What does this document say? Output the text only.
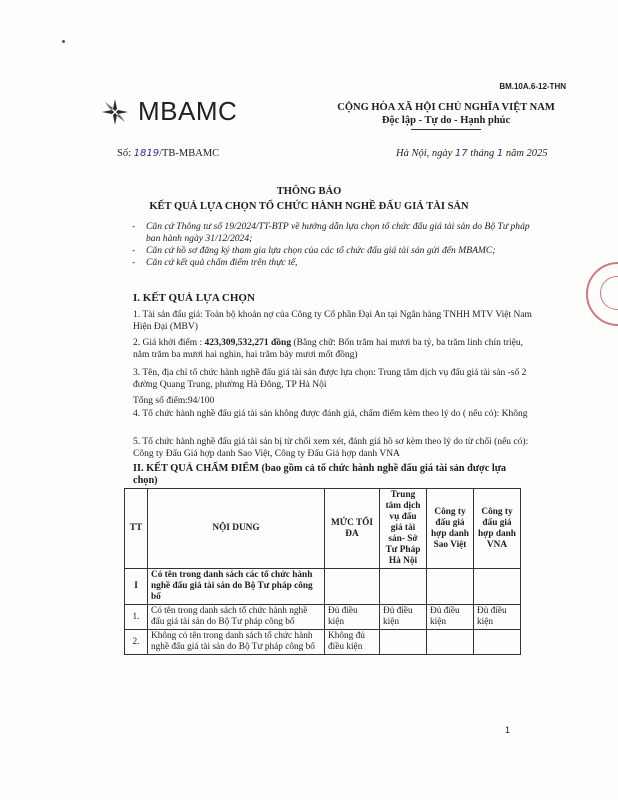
BM.10A.6-12-THN
MBAMC	CỘNG HÒA XÃ HỘI CHỦ NGHĨA VIỆT NAM
Độc lập - Tự do - Hạnh phúc
Số: 1819/TB-MBAMC	Hà Nội, ngày 17 tháng 1 năm 2025
THÔNG BÁO
KẾT QUẢ LỰA CHỌN TỔ CHỨC HÀNH NGHỀ ĐẤU GIÁ TÀI SẢN
- Căn cứ Thông tư số 19/2024/TT-BTP về hướng dẫn lựa chọn tổ chức đấu giá tài sản do Bộ Tư pháp ban hành ngày 31/12/2024;
- Căn cứ hồ sơ đăng ký tham gia lựa chọn của các tổ chức đấu giá tài sản gửi đến MBAMC;
- Căn cứ kết quả chấm điểm trên thực tế,
I. KẾT QUẢ LỰA CHỌN
1. Tài sản đấu giá: Toàn bộ khoản nợ của Công ty Cổ phần Đại An tại Ngân hàng TNHH MTV Việt Nam Hiện Đại (MBV)
2. Giá khởi điểm : 423,309,532,271 đồng (Bằng chữ: Bốn trăm hai mươi ba tỷ, ba trăm linh chín triệu, năm trăm ba mươi hai nghìn, hai trăm bảy mươi mốt đồng)
3. Tên, địa chỉ tổ chức hành nghề đấu giá tài sản được lựa chọn: Trung tâm dịch vụ đấu giá tài sản -số 2 đường Quang Trung, phường Hà Đông, TP Hà Nội
Tổng số điểm:94/100
4. Tổ chức hành nghề đấu giá tài sản không được đánh giá, chấm điểm kèm theo lý do ( nếu có): Không
5. Tổ chức hành nghề đấu giá tài sản bị từ chối xem xét, đánh giá hồ sơ kèm theo lý do từ chối (nếu có): Công ty Đấu Giá hợp danh Sao Việt, Công ty Đấu Giá hợp danh VNA
II. KẾT QUẢ CHẤM ĐIỂM (bao gồm cả tổ chức hành nghề đấu giá tài sản được lựa chọn)
TT	NỘI DUNG	MỨC TỐI ĐA	Trung tâm dịch vụ đấu giá tài sản- Sở Tư Pháp Hà Nội	Công ty đấu giá hợp danh Sao Việt	Công ty đấu giá hợp danh VNA
I	Có tên trong danh sách các tổ chức hành nghề đấu giá tài sản do Bộ Tư pháp công bố				
1.	Có tên trong danh sách tổ chức hành nghề đấu giá tài sản do Bộ Tư pháp công bố	Đủ điều kiện	Đủ điều kiện	Đủ điều kiện	Đủ điều kiện
2.	Không có tên trong danh sách tổ chức hành nghề đấu giá tài sản do Bộ Tư pháp công bố	Không đủ điều kiện			
1
